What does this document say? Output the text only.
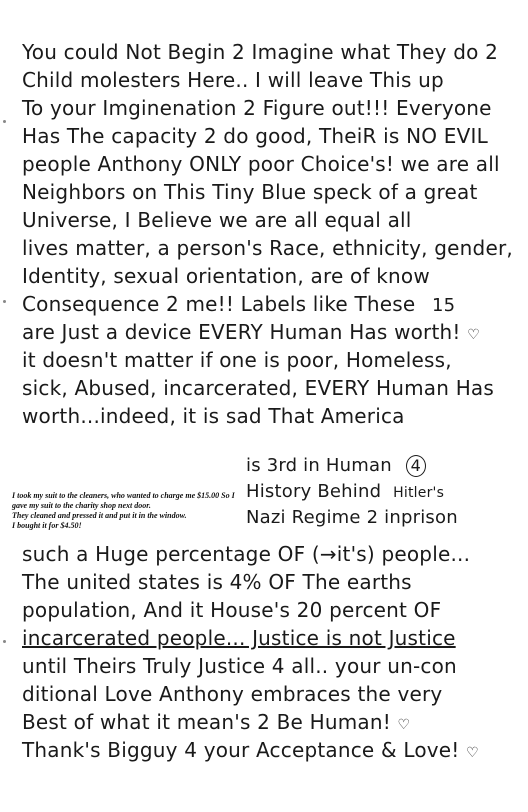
You could Not Begin 2 Imagine what They do 2
Child molesters Here.. I will leave This up
To your Imginenation 2 Figure out!!! Everyone
Has The capacity 2 do good, TheiR is NO EVIL
people Anthony ONLY poor Choice's! we are all
Neighbors on This Tiny Blue speck of a great
Universe, I Believe we are all equal all
lives matter, a person's Race, ethnicity, gender,
Identity, sexual orientation, are of know
Consequence 2 me!! Labels like These 15
are Just a device EVERY Human Has worth! ♡
it doesn't matter if one is poor, Homeless,
sick, Abused, incarcerated, EVERY Human Has
worth...indeed, it is sad That America
I took my suit to the cleaners, who wanted to charge me $15.00 So I gave my suit to the charity shop next door.
They cleaned and pressed it and put it in the window.
I bought it for $4.50!
is 3rd in Human 4
History Behind Hitler's
Nazi Regime 2 inprison
such a Huge percentage OF (→it's) people...
The united states is 4% OF The earths
population, And it House's 20 percent OF
incarcerated people... Justice is not Justice
until Theirs Truly Justice 4 all.. your un-con
ditional Love Anthony embraces the very
Best of what it mean's 2 Be Human! ♡
Thank's Bigguy 4 your Acceptance & Love! ♡
